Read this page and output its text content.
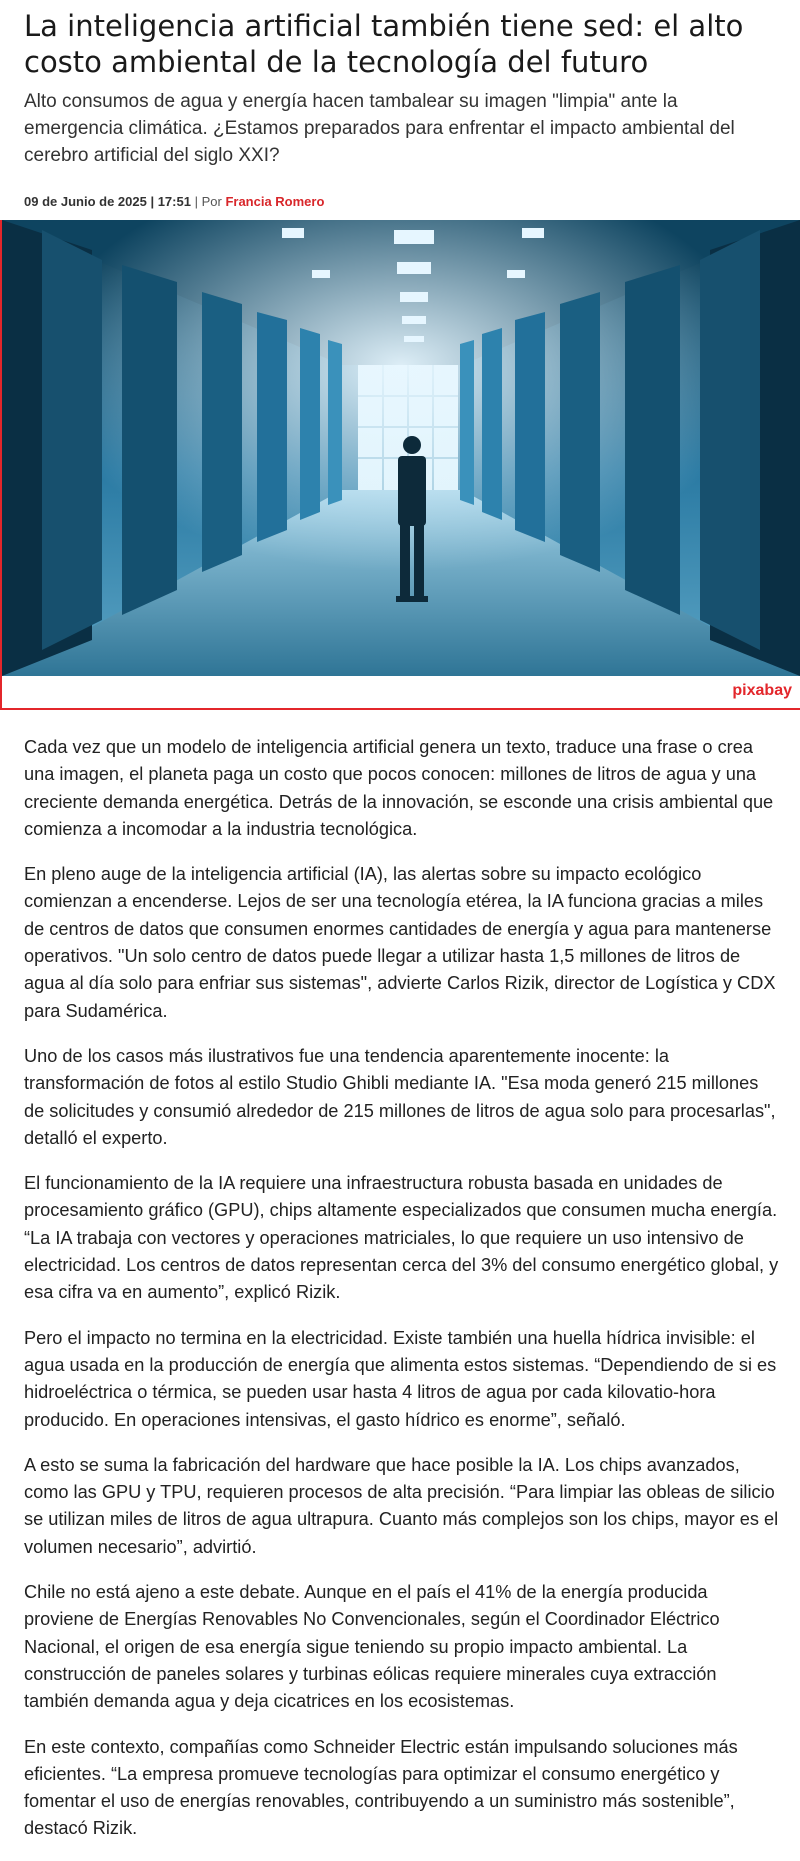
La inteligencia artificial también tiene sed: el alto costo ambiental de la tecnología del futuro

Alto consumos de agua y energía hacen tambalear su imagen "limpia" ante la emergencia climática. ¿Estamos preparados para enfrentar el impacto ambiental del cerebro artificial del siglo XXI?

09 de Junio de 2025 | 17:51 | Por Francia Romero
pixabay

Cada vez que un modelo de inteligencia artificial genera un texto, traduce una frase o crea una imagen, el planeta paga un costo que pocos conocen: millones de litros de agua y una creciente demanda energética. Detrás de la innovación, se esconde una crisis ambiental que comienza a incomodar a la industria tecnológica.

En pleno auge de la inteligencia artificial (IA), las alertas sobre su impacto ecológico comienzan a encenderse. Lejos de ser una tecnología etérea, la IA funciona gracias a miles de centros de datos que consumen enormes cantidades de energía y agua para mantenerse operativos. "Un solo centro de datos puede llegar a utilizar hasta 1,5 millones de litros de agua al día solo para enfriar sus sistemas", advierte Carlos Rizik, director de Logística y CDX para Sudamérica.

Uno de los casos más ilustrativos fue una tendencia aparentemente inocente: la transformación de fotos al estilo Studio Ghibli mediante IA. "Esa moda generó 215 millones de solicitudes y consumió alrededor de 215 millones de litros de agua solo para procesarlas", detalló el experto.

El funcionamiento de la IA requiere una infraestructura robusta basada en unidades de procesamiento gráfico (GPU), chips altamente especializados que consumen mucha energía. “La IA trabaja con vectores y operaciones matriciales, lo que requiere un uso intensivo de electricidad. Los centros de datos representan cerca del 3% del consumo energético global, y esa cifra va en aumento”, explicó Rizik.

Pero el impacto no termina en la electricidad. Existe también una huella hídrica invisible: el agua usada en la producción de energía que alimenta estos sistemas. “Dependiendo de si es hidroeléctrica o térmica, se pueden usar hasta 4 litros de agua por cada kilovatio-hora producido. En operaciones intensivas, el gasto hídrico es enorme”, señaló.

A esto se suma la fabricación del hardware que hace posible la IA. Los chips avanzados, como las GPU y TPU, requieren procesos de alta precisión. “Para limpiar las obleas de silicio se utilizan miles de litros de agua ultrapura. Cuanto más complejos son los chips, mayor es el volumen necesario”, advirtió.

Chile no está ajeno a este debate. Aunque en el país el 41% de la energía producida proviene de Energías Renovables No Convencionales, según el Coordinador Eléctrico Nacional, el origen de esa energía sigue teniendo su propio impacto ambiental. La construcción de paneles solares y turbinas eólicas requiere minerales cuya extracción también demanda agua y deja cicatrices en los ecosistemas.

En este contexto, compañías como Schneider Electric están impulsando soluciones más eficientes. “La empresa promueve tecnologías para optimizar el consumo energético y fomentar el uso de energías renovables, contribuyendo a un suministro más sostenible”, destacó Rizik.
